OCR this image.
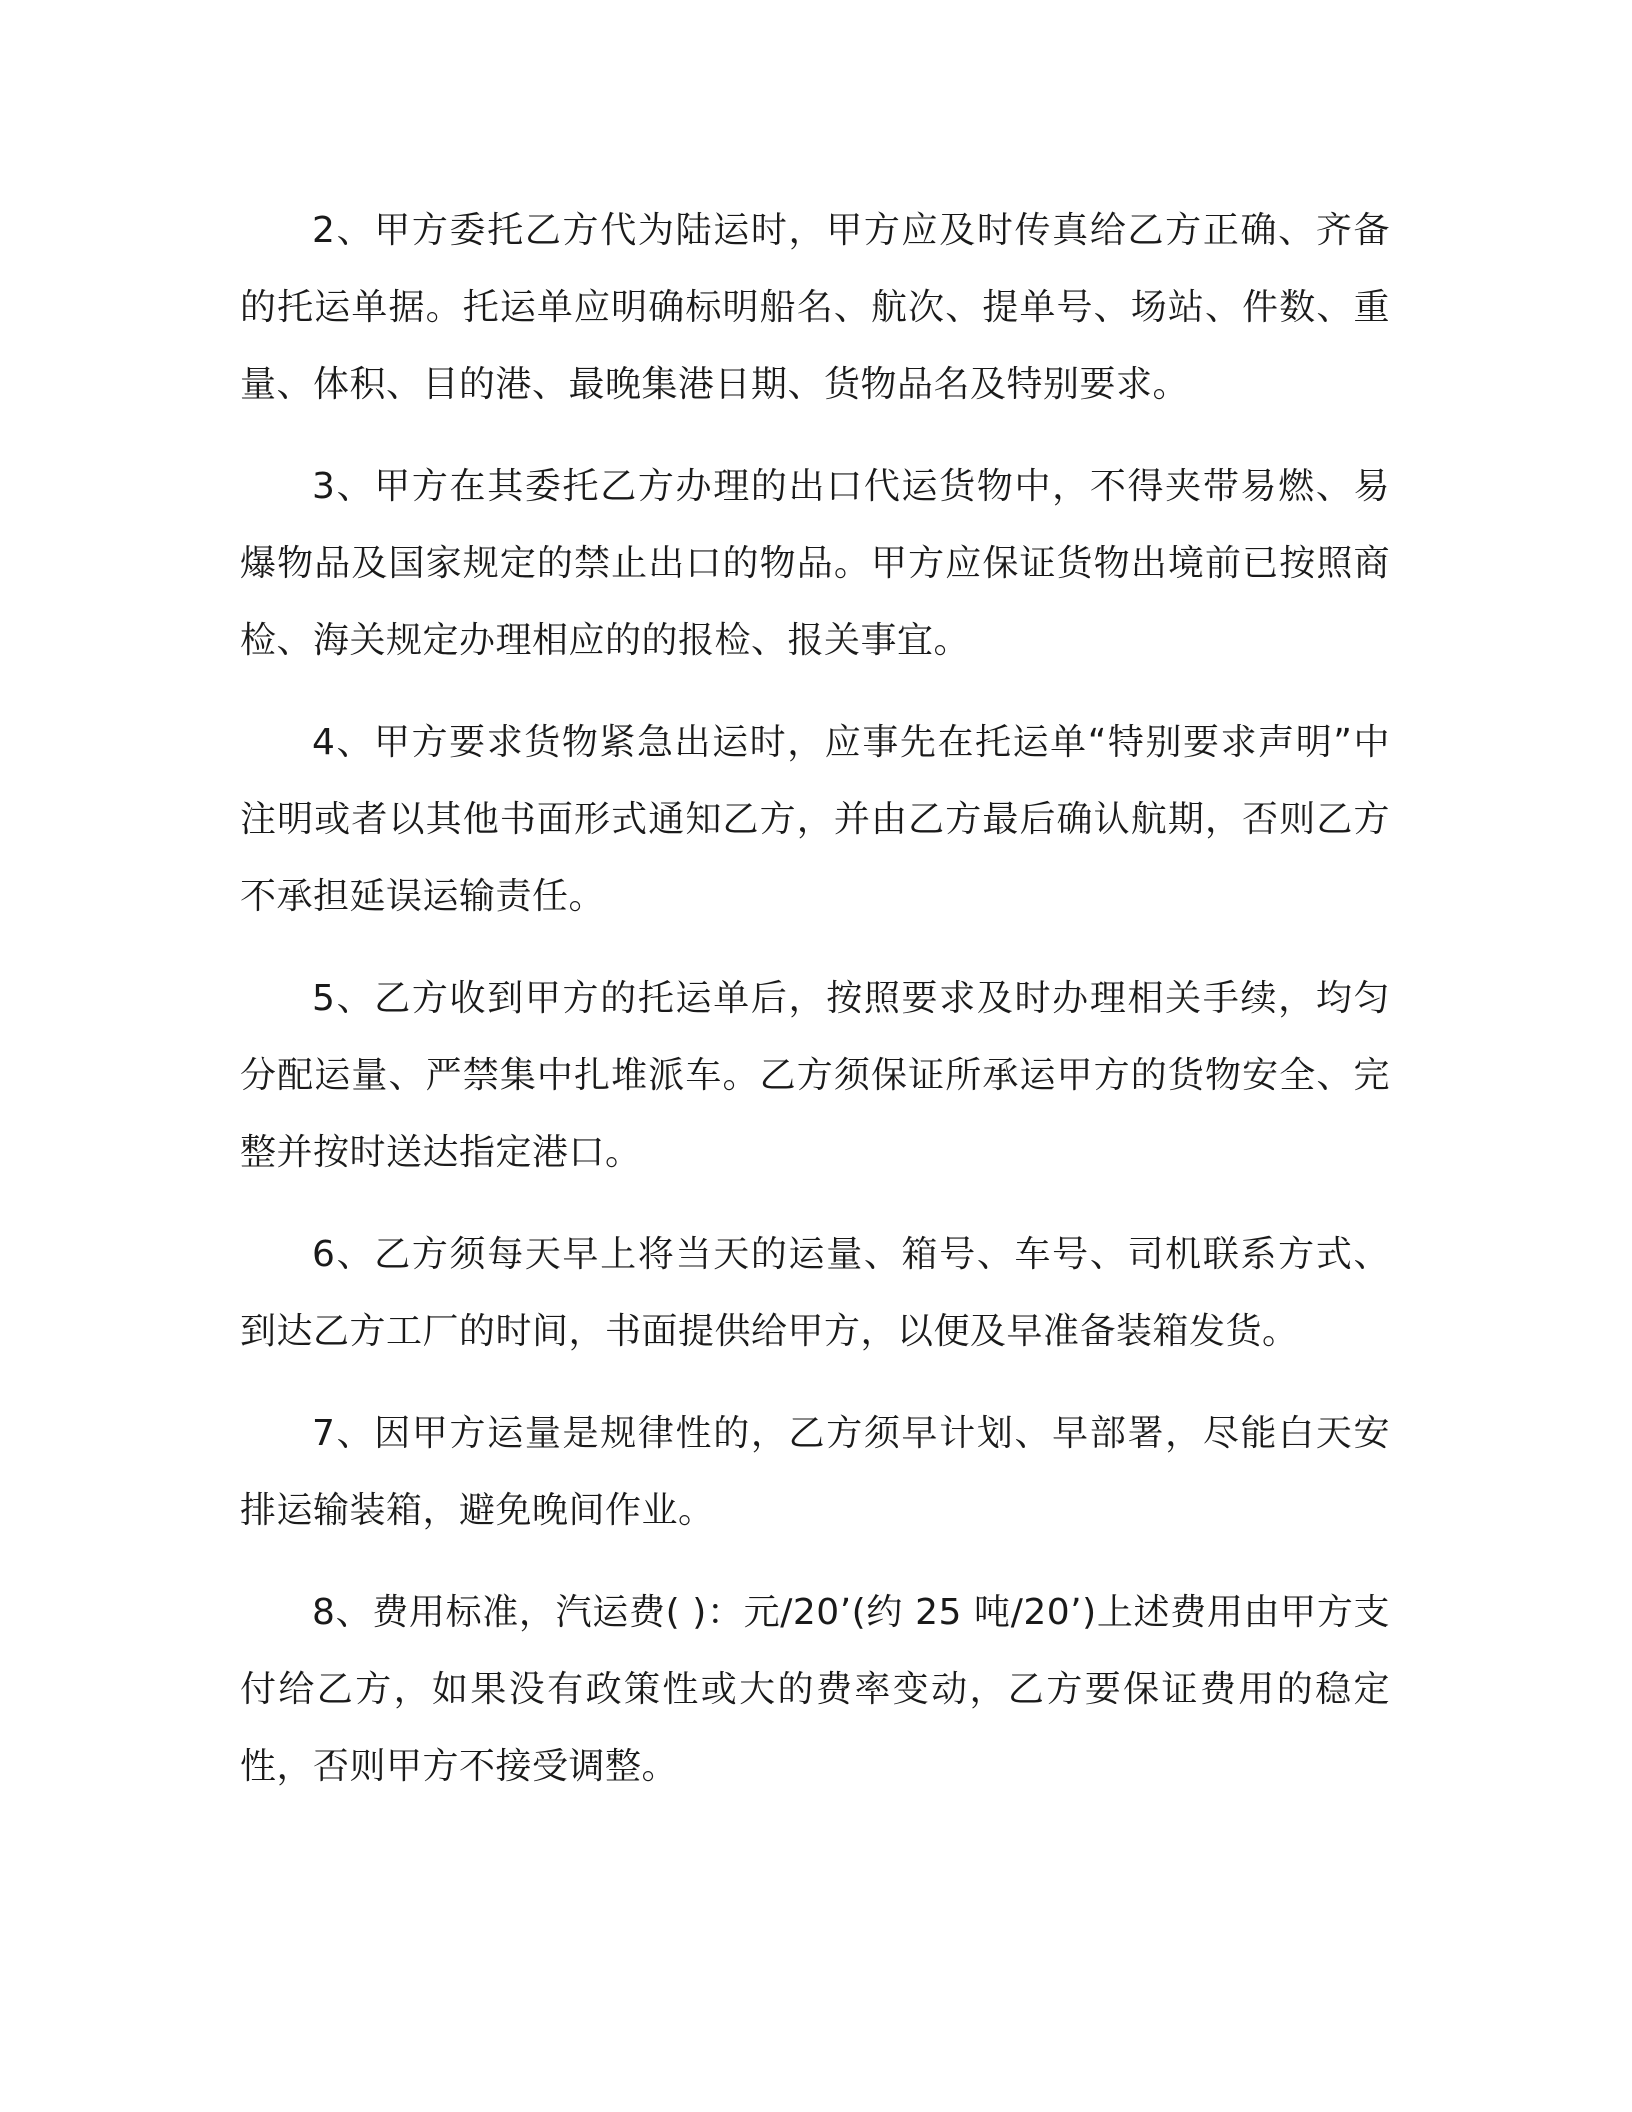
2、甲方委托乙方代为陆运时，甲方应及时传真给乙方正确、齐备的托运单据。托运单应明确标明船名、航次、提单号、场站、件数、重量、体积、目的港、最晚集港日期、货物品名及特别要求。

3、甲方在其委托乙方办理的出口代运货物中，不得夹带易燃、易爆物品及国家规定的禁止出口的物品。甲方应保证货物出境前已按照商检、海关规定办理相应的的报检、报关事宜。

4、甲方要求货物紧急出运时，应事先在托运单“特别要求声明”中注明或者以其他书面形式通知乙方，并由乙方最后确认航期，否则乙方不承担延误运输责任。

5、乙方收到甲方的托运单后，按照要求及时办理相关手续，均匀分配运量、严禁集中扎堆派车。乙方须保证所承运甲方的货物安全、完整并按时送达指定港口。

6、乙方须每天早上将当天的运量、箱号、车号、司机联系方式、到达乙方工厂的时间，书面提供给甲方，以便及早准备装箱发货。

7、因甲方运量是规律性的，乙方须早计划、早部署，尽能白天安排运输装箱，避免晚间作业。

8、费用标准，汽运费( )：元/20’(约 25 吨/20’)上述费用由甲方支付给乙方，如果没有政策性或大的费率变动，乙方要保证费用的稳定性，否则甲方不接受调整。
